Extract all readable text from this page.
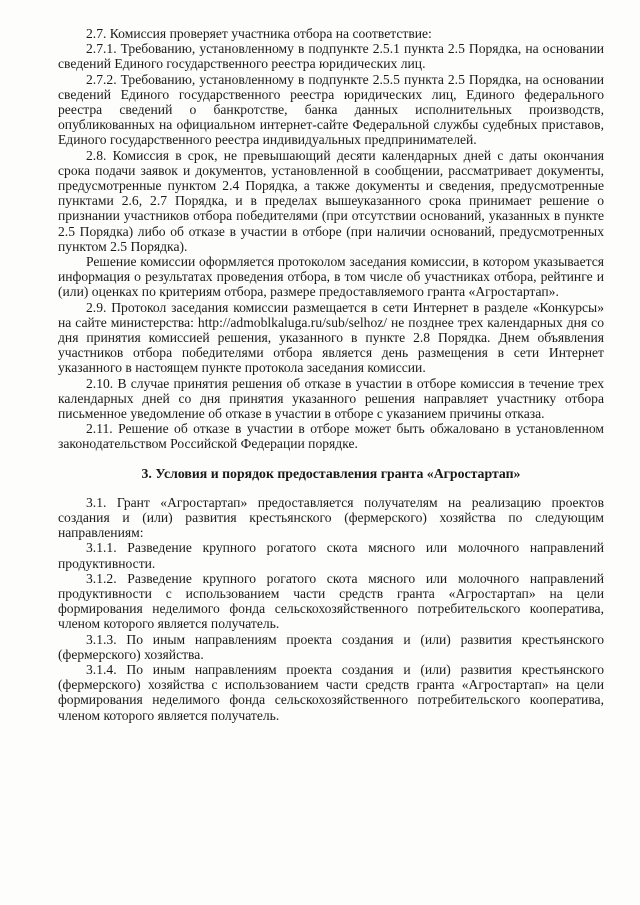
2.7. Комиссия проверяет участника отбора на соответствие:

2.7.1. Требованию, установленному в подпункте 2.5.1 пункта 2.5 Порядка, на основании сведений Единого государственного реестра юридических лиц.

2.7.2. Требованию, установленному в подпункте 2.5.5 пункта 2.5 Порядка, на основании сведений Единого государственного реестра юридических лиц, Единого федерального реестра сведений о банкротстве, банка данных исполнительных производств, опубликованных на официальном интернет-сайте Федеральной службы судебных приставов, Единого государственного реестра индивидуальных предпринимателей.

2.8. Комиссия в срок, не превышающий десяти календарных дней с даты окончания срока подачи заявок и документов, установленной в сообщении, рассматривает документы, предусмотренные пунктом 2.4 Порядка, а также документы и сведения, предусмотренные пунктами 2.6, 2.7 Порядка, и в пределах вышеуказанного срока принимает решение о признании участников отбора победителями (при отсутствии оснований, указанных в пункте 2.5 Порядка) либо об отказе в участии в отборе (при наличии оснований, предусмотренных пунктом 2.5 Порядка).

Решение комиссии оформляется протоколом заседания комиссии, в котором указывается информация о результатах проведения отбора, в том числе об участниках отбора, рейтинге и (или) оценках по критериям отбора, размере предоставляемого гранта «Агростартап».

2.9. Протокол заседания комиссии размещается в сети Интернет в разделе «Конкурсы» на сайте министерства: http://admoblkaluga.ru/sub/selhoz/ не позднее трех календарных дня со дня принятия комиссией решения, указанного в пункте 2.8 Порядка. Днем объявления участников отбора победителями отбора является день размещения в сети Интернет указанного в настоящем пункте протокола заседания комиссии.

2.10. В случае принятия решения об отказе в участии в отборе комиссия в течение трех календарных дней со дня принятия указанного решения направляет участнику отбора письменное уведомление об отказе в участии в отборе с указанием причины отказа.

2.11. Решение об отказе в участии в отборе может быть обжаловано в установленном законодательством Российской Федерации порядке.

3. Условия и порядок предоставления гранта «Агростартап»

3.1. Грант «Агростартап» предоставляется получателям на реализацию проектов создания и (или) развития крестьянского (фермерского) хозяйства по следующим направлениям:

3.1.1. Разведение крупного рогатого скота мясного или молочного направлений продуктивности.

3.1.2. Разведение крупного рогатого скота мясного или молочного направлений продуктивности с использованием части средств гранта «Агростартап» на цели формирования неделимого фонда сельскохозяйственного потребительского кооператива, членом которого является получатель.

3.1.3. По иным направлениям проекта создания и (или) развития крестьянского (фермерского) хозяйства.

3.1.4. По иным направлениям проекта создания и (или) развития крестьянского (фермерского) хозяйства с использованием части средств гранта «Агростартап» на цели формирования неделимого фонда сельскохозяйственного потребительского кооператива, членом которого является получатель.
